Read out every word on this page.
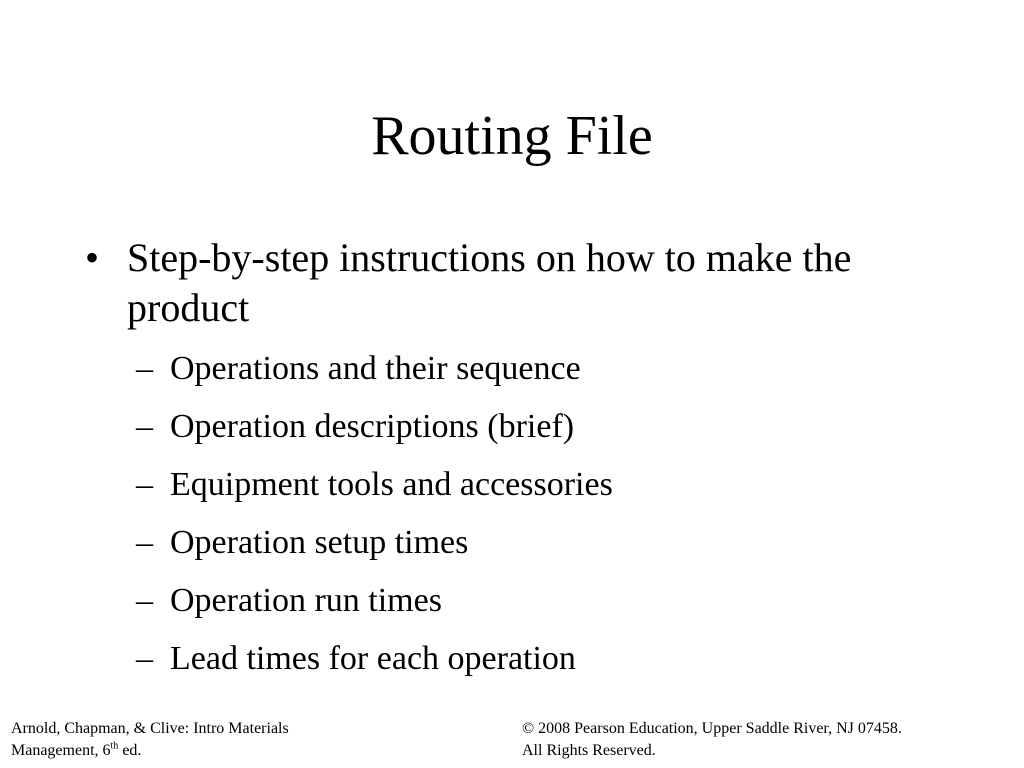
Routing File
• Step-by-step instructions on how to make the product
– Operations and their sequence
– Operation descriptions (brief)
– Equipment tools and accessories
– Operation setup times
– Operation run times
– Lead times for each operation
Arnold, Chapman, & Clive: Intro Materials
Management, 6th ed.
© 2008 Pearson Education, Upper Saddle River, NJ 07458.
All Rights Reserved.
